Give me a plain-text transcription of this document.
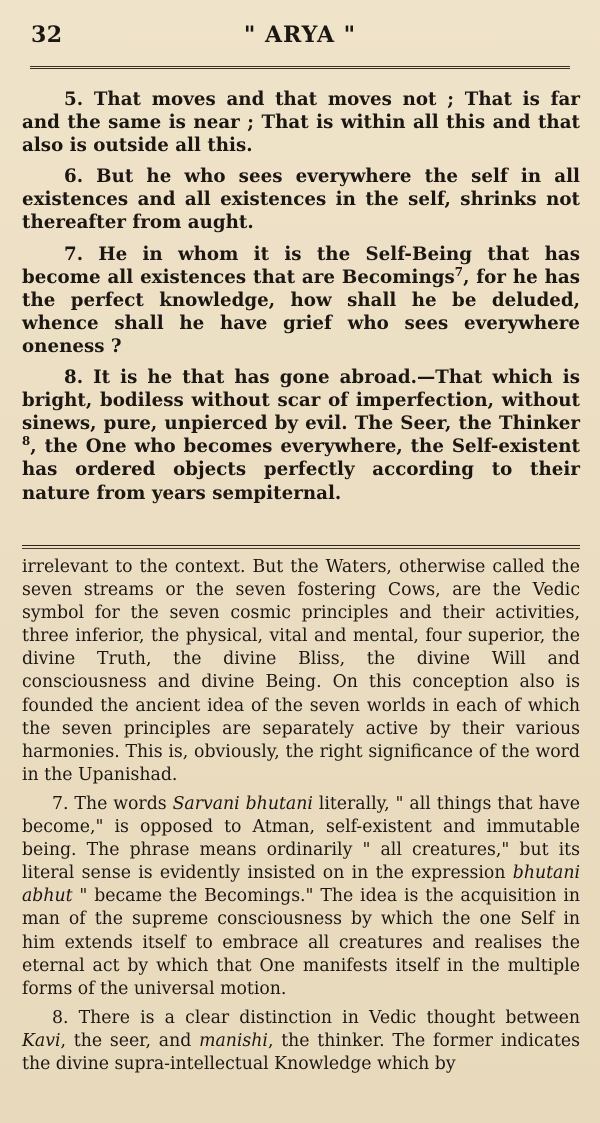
32	" ARYA "

5. That moves and that moves not ; That is far and the same is near ; That is within all this and that also is outside all this.

6. But he who sees everywhere the self in all existences and all existences in the self, shrinks not thereafter from aught.

7. He in whom it is the Self-Being that has become all existences that are Becomings$^7$, for he has the perfect knowledge, how shall he be deluded, whence shall he have grief who sees everywhere oneness ?

8. It is he that has gone abroad.—That which is bright, bodiless without scar of imperfection, without sinews, pure, unpierced by evil. The Seer, the Thinker $^8$, the One who becomes everywhere, the Self-existent has ordered objects perfectly according to their nature from years sempiternal.

irrelevant to the context. But the Waters, otherwise called the seven streams or the seven fostering Cows, are the Vedic symbol for the seven cosmic principles and their activities, three inferior, the physical, vital and mental, four superior, the divine Truth, the divine Bliss, the divine Will and consciousness and divine Being. On this conception also is founded the ancient idea of the seven worlds in each of which the seven principles are separately active by their various harmonies. This is, obviously, the right significance of the word in the Upanishad.

7. The words Sarvani bhutani literally, " all things that have become," is opposed to Atman, self-existent and immutable being. The phrase means ordinarily " all creatures," but its literal sense is evidently insisted on in the expression bhutani abhut " became the Becomings." The idea is the acquisition in man of the supreme consciousness by which the one Self in him extends itself to embrace all creatures and realises the eternal act by which that One manifests itself in the multiple forms of the universal motion.

8. There is a clear distinction in Vedic thought between Kavi, the seer, and manishi, the thinker. The former indicates the divine supra-intellectual Knowledge which by
